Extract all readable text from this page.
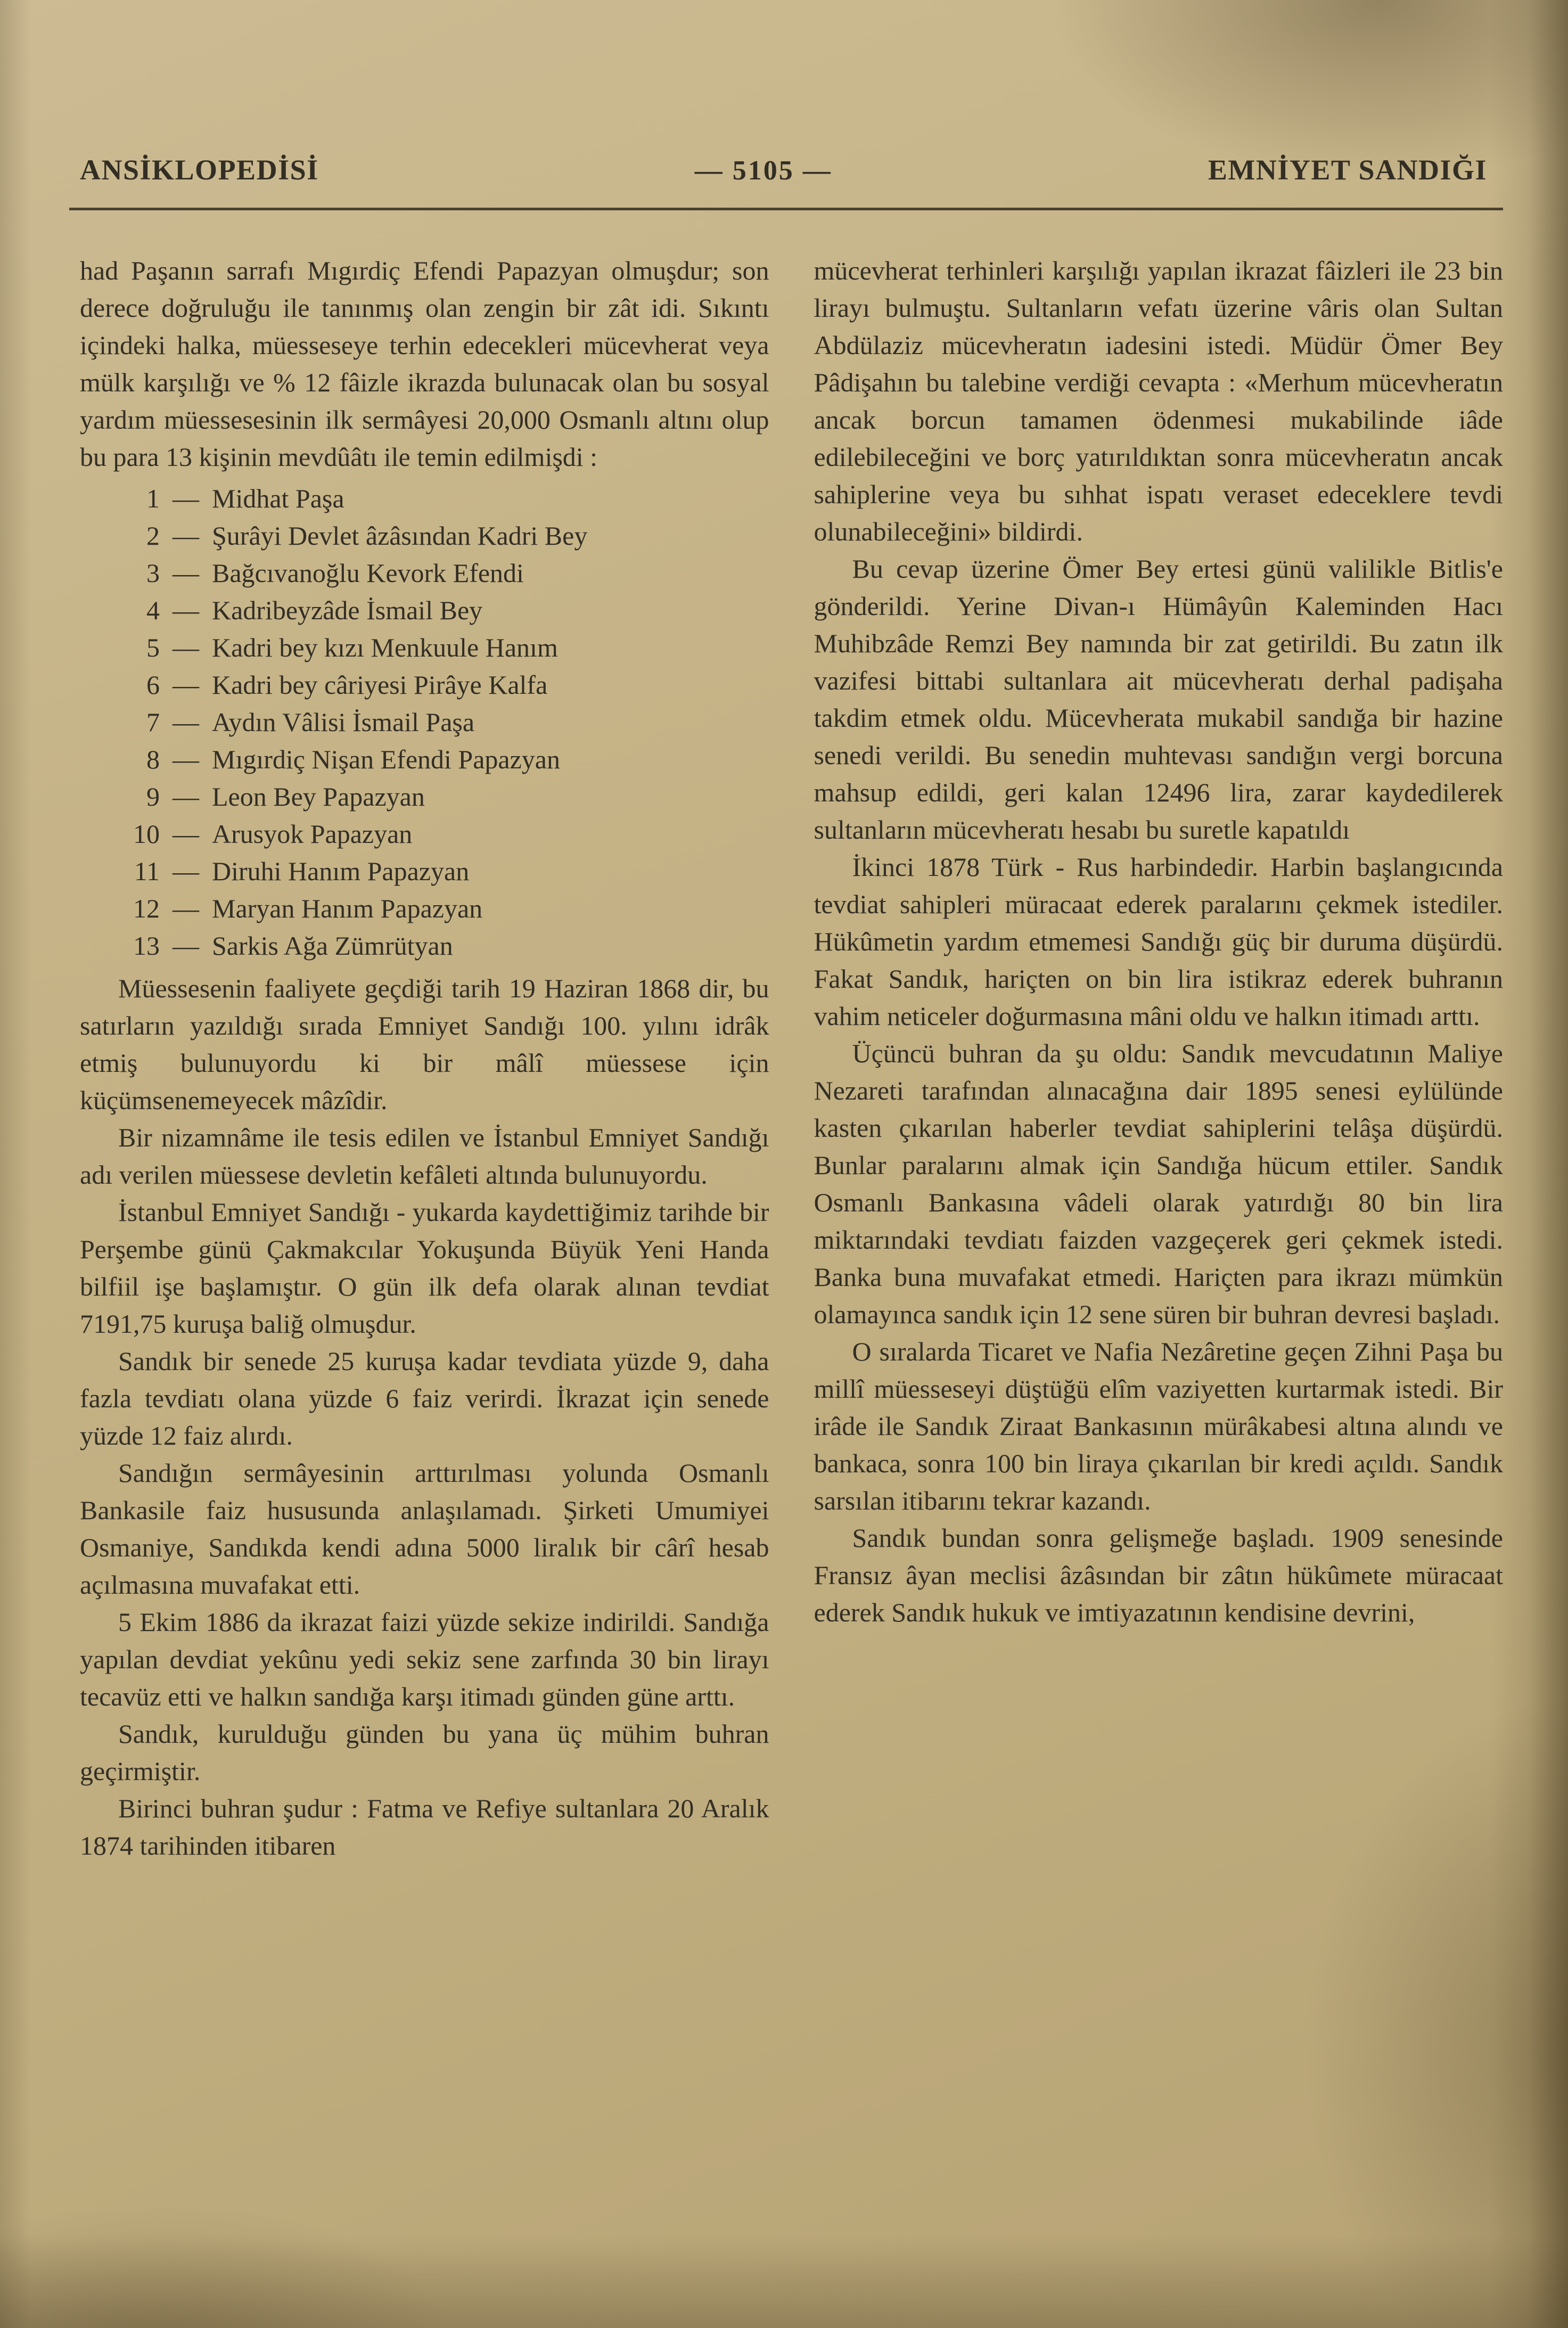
ANSİKLOPEDİSİ	— 5105 —	EMNİYET SANDIĞI

had Paşanın sarrafı Mıgırdiç Efendi Papazyan olmuşdur; son derece doğruluğu ile tanınmış olan zengin bir zât idi. Sıkıntı içindeki halka, müesseseye terhin edecekleri mücevherat veya mülk karşılığı ve % 12 fâizle ikrazda bulunacak olan bu sosyal yardım müessesesinin ilk sermâyesi 20,000 Osmanlı altını olup bu para 13 kişinin mevdûâtı ile temin edilmişdi :

1 — Midhat Paşa
2 — Şurâyi Devlet âzâsından Kadri Bey
3 — Bağcıvanoğlu Kevork Efendi
4 — Kadribeyzâde İsmail Bey
5 — Kadri bey kızı Menkuule Hanım
6 — Kadri bey câriyesi Pirâye Kalfa
7 — Aydın Vâlisi İsmail Paşa
8 — Mıgırdiç Nişan Efendi Papazyan
9 — Leon Bey Papazyan
10 — Arusyok Papazyan
11 — Diruhi Hanım Papazyan
12 — Maryan Hanım Papazyan
13 — Sarkis Ağa Zümrütyan

Müessesenin faaliyete geçdiği tarih 19 Haziran 1868 dir, bu satırların yazıldığı sırada Emniyet Sandığı 100. yılını idrâk etmiş bulunuyordu ki bir mâlî müessese için küçümsenemeyecek mâzîdir.

Bir nizamnâme ile tesis edilen ve İstanbul Emniyet Sandığı adı verilen müessese devletin kefâleti altında bulunuyordu.

İstanbul Emniyet Sandığı - yukarda kaydettiğimiz tarihde bir Perşembe günü Çakmakcılar Yokuşunda Büyük Yeni Handa bilfiil işe başlamıştır. O gün ilk defa olarak alınan tevdiat 7191,75 kuruşa baliğ olmuşdur.

Sandık bir senede 25 kuruşa kadar tevdiata yüzde 9, daha fazla tevdiatı olana yüzde 6 faiz verirdi. İkrazat için senede yüzde 12 faiz alırdı.

Sandığın sermâyesinin arttırılması yolunda Osmanlı Bankasile faiz hususunda anlaşılamadı. Şirketi Umumiyei Osmaniye, Sandıkda kendi adına 5000 liralık bir cârî hesab açılmasına muvafakat etti.

5 Ekim 1886 da ikrazat faizi yüzde sekize indirildi. Sandığa yapılan devdiat yekûnu yedi sekiz sene zarfında 30 bin lirayı tecavüz etti ve halkın sandığa karşı itimadı günden güne arttı.

Sandık, kurulduğu günden bu yana üç mühim buhran geçirmiştir.

Birinci buhran şudur : Fatma ve Refiye sultanlara 20 Aralık 1874 tarihinden itibaren

mücevherat terhinleri karşılığı yapılan ikrazat fâizleri ile 23 bin lirayı bulmuştu. Sultanların vefatı üzerine vâris olan Sultan Abdülaziz mücevheratın iadesini istedi. Müdür Ömer Bey Pâdişahın bu talebine verdiği cevapta : «Merhum mücevheratın ancak borcun tamamen ödenmesi mukabilinde iâde edilebileceğini ve borç yatırıldıktan sonra mücevheratın ancak sahiplerine veya bu sıhhat ispatı veraset edeceklere tevdi olunabileceğini» bildirdi.

Bu cevap üzerine Ömer Bey ertesi günü valilikle Bitlis'e gönderildi. Yerine Divan-ı Hümâyûn Kaleminden Hacı Muhibzâde Remzi Bey namında bir zat getirildi. Bu zatın ilk vazifesi bittabi sultanlara ait mücevheratı derhal padişaha takdim etmek oldu. Mücevherata mukabil sandığa bir hazine senedi verildi. Bu senedin muhtevası sandığın vergi borcuna mahsup edildi, geri kalan 12496 lira, zarar kaydedilerek sultanların mücevheratı hesabı bu suretle kapatıldı

İkinci 1878 Türk - Rus harbindedir. Harbin başlangıcında tevdiat sahipleri müracaat ederek paralarını çekmek istediler. Hükûmetin yardım etmemesi Sandığı güç bir duruma düşürdü. Fakat Sandık, hariçten on bin lira istikraz ederek buhranın vahim neticeler doğurmasına mâni oldu ve halkın itimadı arttı.

Üçüncü buhran da şu oldu: Sandık mevcudatının Maliye Nezareti tarafından alınacağına dair 1895 senesi eylülünde kasten çıkarılan haberler tevdiat sahiplerini telâşa düşürdü. Bunlar paralarını almak için Sandığa hücum ettiler. Sandık Osmanlı Bankasına vâdeli olarak yatırdığı 80 bin lira miktarındaki tevdiatı faizden vazgeçerek geri çekmek istedi. Banka buna muvafakat etmedi. Hariçten para ikrazı mümkün olamayınca sandık için 12 sene süren bir buhran devresi başladı.

O sıralarda Ticaret ve Nafia Nezâretine geçen Zihni Paşa bu millî müesseseyi düştüğü elîm vaziyetten kurtarmak istedi. Bir irâde ile Sandık Ziraat Bankasının mürâkabesi altına alındı ve bankaca, sonra 100 bin liraya çıkarılan bir kredi açıldı. Sandık sarsılan itibarını tekrar kazandı.

Sandık bundan sonra gelişmeğe başladı. 1909 senesinde Fransız âyan meclisi âzâsından bir zâtın hükûmete müracaat ederek Sandık hukuk ve imtiyazatının kendisine devrini,
